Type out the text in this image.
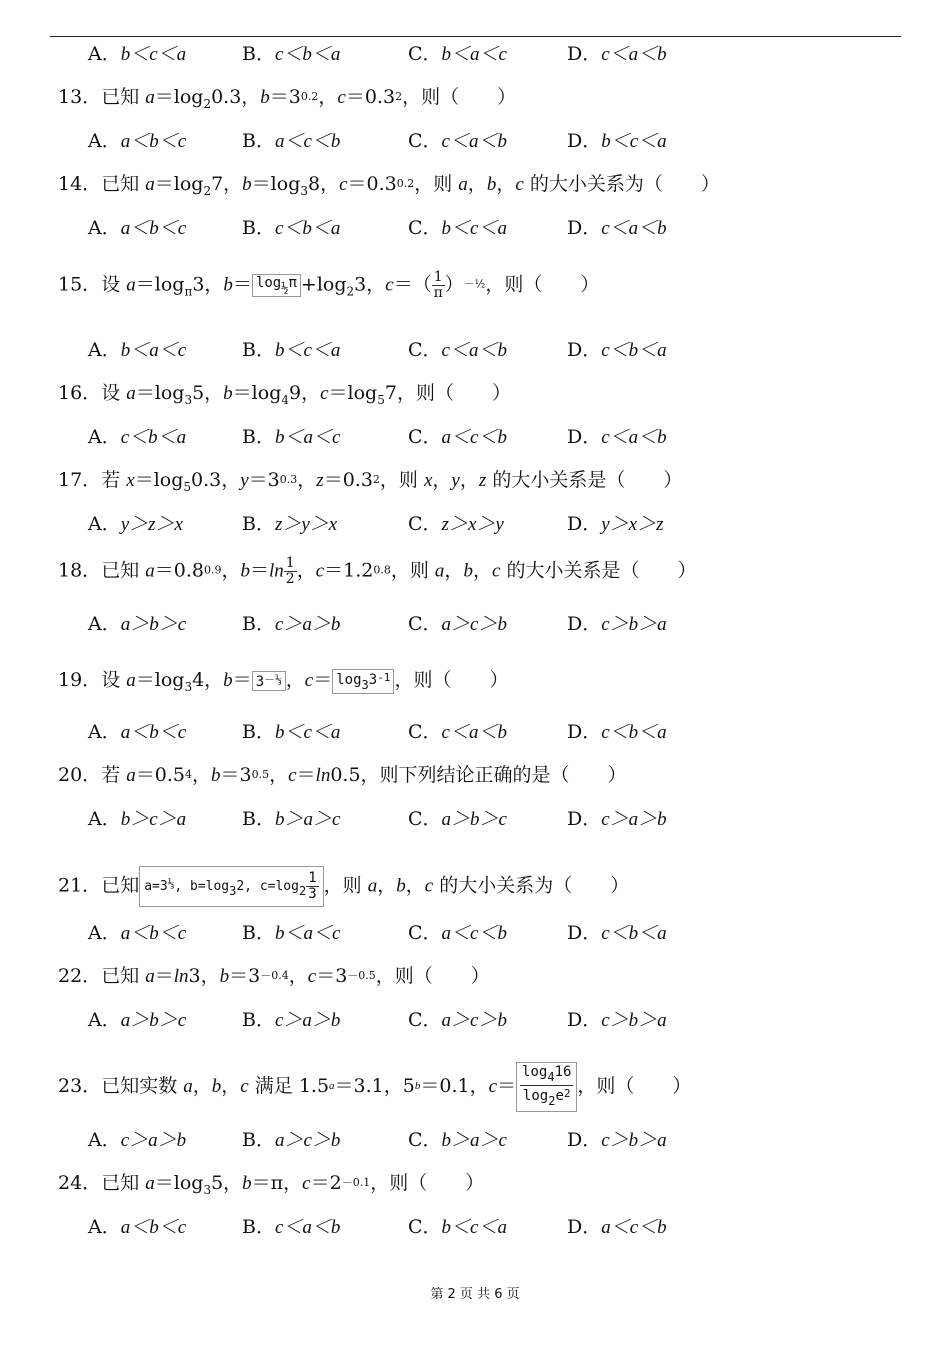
A．b＜c＜a	B．c＜b＜a	C．b＜a＜c	D．c＜a＜b
13．已知 $a=\log_20.3$，$b=3^{0.2}$，$c=0.3^2$，则（　　）
A．a＜b＜c	B．a＜c＜b	C．c＜a＜b	D．b＜c＜a
14．已知 $a=\log_27$，$b=\log_38$，$c=0.3^{0.2}$，则 a，b，c 的大小关系为（　　）
A．a＜b＜c	B．c＜b＜a	C．b＜c＜a	D．c＜a＜b
15．设 $a=\log_\pi 3$，$b= \log_{\frac{1}{2}}\pi +\log_23$，$c=( \frac{1}{\pi} )^{-\frac{1}{2}}$，则（　　）
A．b＜a＜c	B．b＜c＜a	C．c＜a＜b	D．c＜b＜a
16．设 $a=\log_35$，$b=\log_49$，$c=\log_57$，则（　　）
A．c＜b＜a	B．b＜a＜c	C．a＜c＜b	D．c＜a＜b
17．若 $x=\log_50.3$，$y=3^{0.3}$，$z=0.3^2$，则 x，y，z 的大小关系是（　　）
A．y＞z＞x	B．z＞y＞x	C．z＞x＞y	D．y＞x＞z
18．已知 $a=0.8^{0.9}$，$b=\ln \frac{1}{2}$ ，$c=1.2^{0.8}$，则 a，b，c 的大小关系是（　　）
A．a＞b＞c	B．c＞a＞b	C．a＞c＞b	D．c＞b＞a
19．设 $a=\log_34$，$b= 3^{-\frac{1}{3}}$ ，$c= \log_33^{-1}$ ，则（　　）
A．a＜b＜c	B．b＜c＜a	C．c＜a＜b	D．c＜b＜a
20．若 $a=0.5^4$，$b=3^{0.5}$，c＝ln0.5，则下列结论正确的是（　　）
A．b＞c＞a	B．b＞a＞c	C．a＞b＞c	D．c＞a＞b
21．已知 $a=3^{\frac{1}{3}}$, $b=\log_32$, $c=\log_2 \frac{1}{3}$ ，则 a，b，c 的大小关系为（　　）
A．a＜b＜c	B．b＜a＜c	C．a＜c＜b	D．c＜b＜a
22．已知 a＝ln3，$b=3^{-0.4}$，$c=3^{-0.5}$，则（　　）
A．a＞b＞c	B．c＞a＞b	C．a＞c＞b	D．c＞b＞a
23．已知实数 a，b，c 满足 1.5$^a$＝3.1，$5^b=0.1$，$c= \frac{\log_416}{\log_2e^2}$ ，则（　　）
A．c＞a＞b	B．a＞c＞b	C．b＞a＞c	D．c＞b＞a
24．已知 $a=\log_35$，b＝π，$c=2^{-0.1}$，则（　　）
A．a＜b＜c	B．c＜a＜b	C．b＜c＜a	D．a＜c＜b
第 2 页 共 6 页
